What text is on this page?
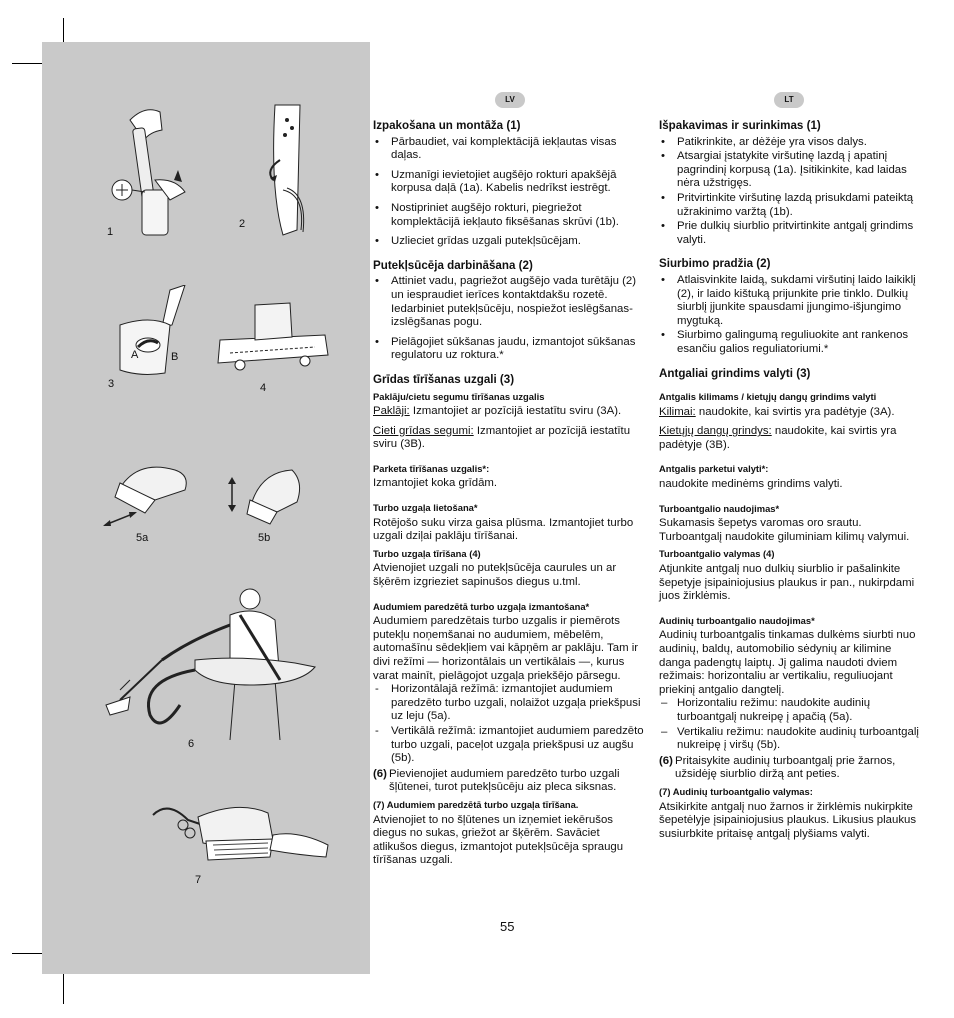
1
2
A	B
3	4
5a	5b
6
7
LV	LT
Izpakošana un montāža (1)
• Pārbaudiet, vai komplektācijā iekļautas visas daļas.
• Uzmanīgi ievietojiet augšējo rokturi apakšējā korpusa daļā (1a). Kabelis nedrīkst iestrēgt.
• Nostipriniet augšējo rokturi, piegriežot komplektācijā iekļauto fiksēšanas skrūvi (1b).
• Uzlieciet grīdas uzgali putekļsūcējam.
Putekļsūcēja darbināšana (2)
• Attiniet vadu, pagriežot augšējo vada turētāju (2) un iespraudiet ierīces kontaktdakšu rozetē. Iedarbiniet putekļsūcēju, nospiežot ieslēgšanas-izslēgšanas pogu.
• Pielāgojiet sūkšanas jaudu, izmantojot sūkšanas regulatoru uz roktura.*
Grīdas tīrīšanas uzgali (3)
Paklāju/cietu segumu tīrīšanas uzgalis

Paklāji: Izmantojiet ar pozīcijā iestatītu sviru (3A).

Cieti grīdas segumi: Izmantojiet ar pozīcijā iestatītu sviru (3B).

Parketa tīrīšanas uzgalis*:

Izmantojiet koka grīdām.

Turbo uzgaļa lietošana*

Rotējošo suku virza gaisa plūsma. Izmantojiet turbo uzgali dziļai paklāju tīrīšanai.

Turbo uzgaļa tīrīšana (4)

Atvienojiet uzgali no putekļsūcēja caurules un ar šķērēm izgrieziet sapinušos diegus u.tml.

Audumiem paredzētā turbo uzgaļa izmantošana*

Audumiem paredzētais turbo uzgalis ir piemērots putekļu noņemšanai no audumiem, mēbelēm, automašīnu sēdekļiem vai kāpņēm ar paklāju. Tam ir divi režīmi — horizontālais un vertikālais —, kurus varat mainīt, pielāgojot uzgaļa priekšējo pārsegu.

- Horizontālajā režīmā: izmantojiet audumiem paredzēto turbo uzgali, nolaižot uzgaļa priekšpusi uz leju (5a).
- Vertikālā režīmā: izmantojiet audumiem paredzēto turbo uzgali, paceļot uzgaļa priekšpusi uz augšu (5b).
(6) Pievienojiet audumiem paredzēto turbo uzgali šļūtenei, turot putekļsūcēju aiz pleca siksnas.
(7) Audumiem paredzētā turbo uzgaļa tīrīšana.

Atvienojiet to no šļūtenes un izņemiet iekērušos diegus no sukas, griežot ar šķērēm. Savāciet atlikušos diegus, izmantojot putekļsūcēja spraugu tīrīšanas uzgali.

Išpakavimas ir surinkimas (1)
• Patikrinkite, ar dėžėje yra visos dalys.
• Atsargiai įstatykite viršutinę lazdą į apatinį pagrindinį korpusą (1a). Įsitikinkite, kad laidas nėra užstrigęs.
• Pritvirtinkite viršutinę lazdą prisukdami pateiktą užrakinimo varžtą (1b).
• Prie dulkių siurblio pritvirtinkite antgalį grindims valyti.
Siurbimo pradžia (2)
• Atlaisvinkite laidą, sukdami viršutinį laido laikiklį (2), ir laido kištuką prijunkite prie tinklo. Dulkių siurblį įjunkite spausdami įjungimo-išjungimo mygtuką.
• Siurbimo galingumą reguliuokite ant rankenos esančiu galios reguliatoriumi.*
Antgaliai grindims valyti (3)
Antgalis kilimams / kietųjų dangų grindims valyti

Kilimai: naudokite, kai svirtis yra padėtyje (3A).

Kietųjų dangų grindys: naudokite, kai svirtis yra padėtyje (3B).

Antgalis parketui valyti*:

naudokite medinėms grindims valyti.

Turboantgalio naudojimas*

Sukamasis šepetys varomas oro srautu. Turboantgalį naudokite giluminiam kilimų valymui.

Turboantgalio valymas (4)

Atjunkite antgalį nuo dulkių siurblio ir pašalinkite šepetyje įsipainiojusius plaukus ir pan., nukirpdami juos žirklėmis.

Audinių turboantgalio naudojimas*

Audinių turboantgalis tinkamas dulkėms siurbti nuo audinių, baldų, automobilio sėdynių ar kilimine danga padengtų laiptų. Jį galima naudoti dviem režimais: horizontaliu ar vertikaliu, reguliuojant priekinį antgalio dangtelį.

– Horizontaliu režimu: naudokite audinių turboantgalį nukreipę į apačią (5a).
– Vertikaliu režimu: naudokite audinių turboantgalį nukreipę į viršų (5b).
(6) Pritaisykite audinių turboantgalį prie žarnos, užsidėję siurblio diržą ant peties.
(7) Audinių turboantgalio valymas:

Atsikirkite antgalį nuo žarnos ir žirklėmis nukirpkite šepetėlyje įsipainiojusius plaukus. Likusius plaukus susiurbkite pritaisę antgalį plyšiams valyti.

55
